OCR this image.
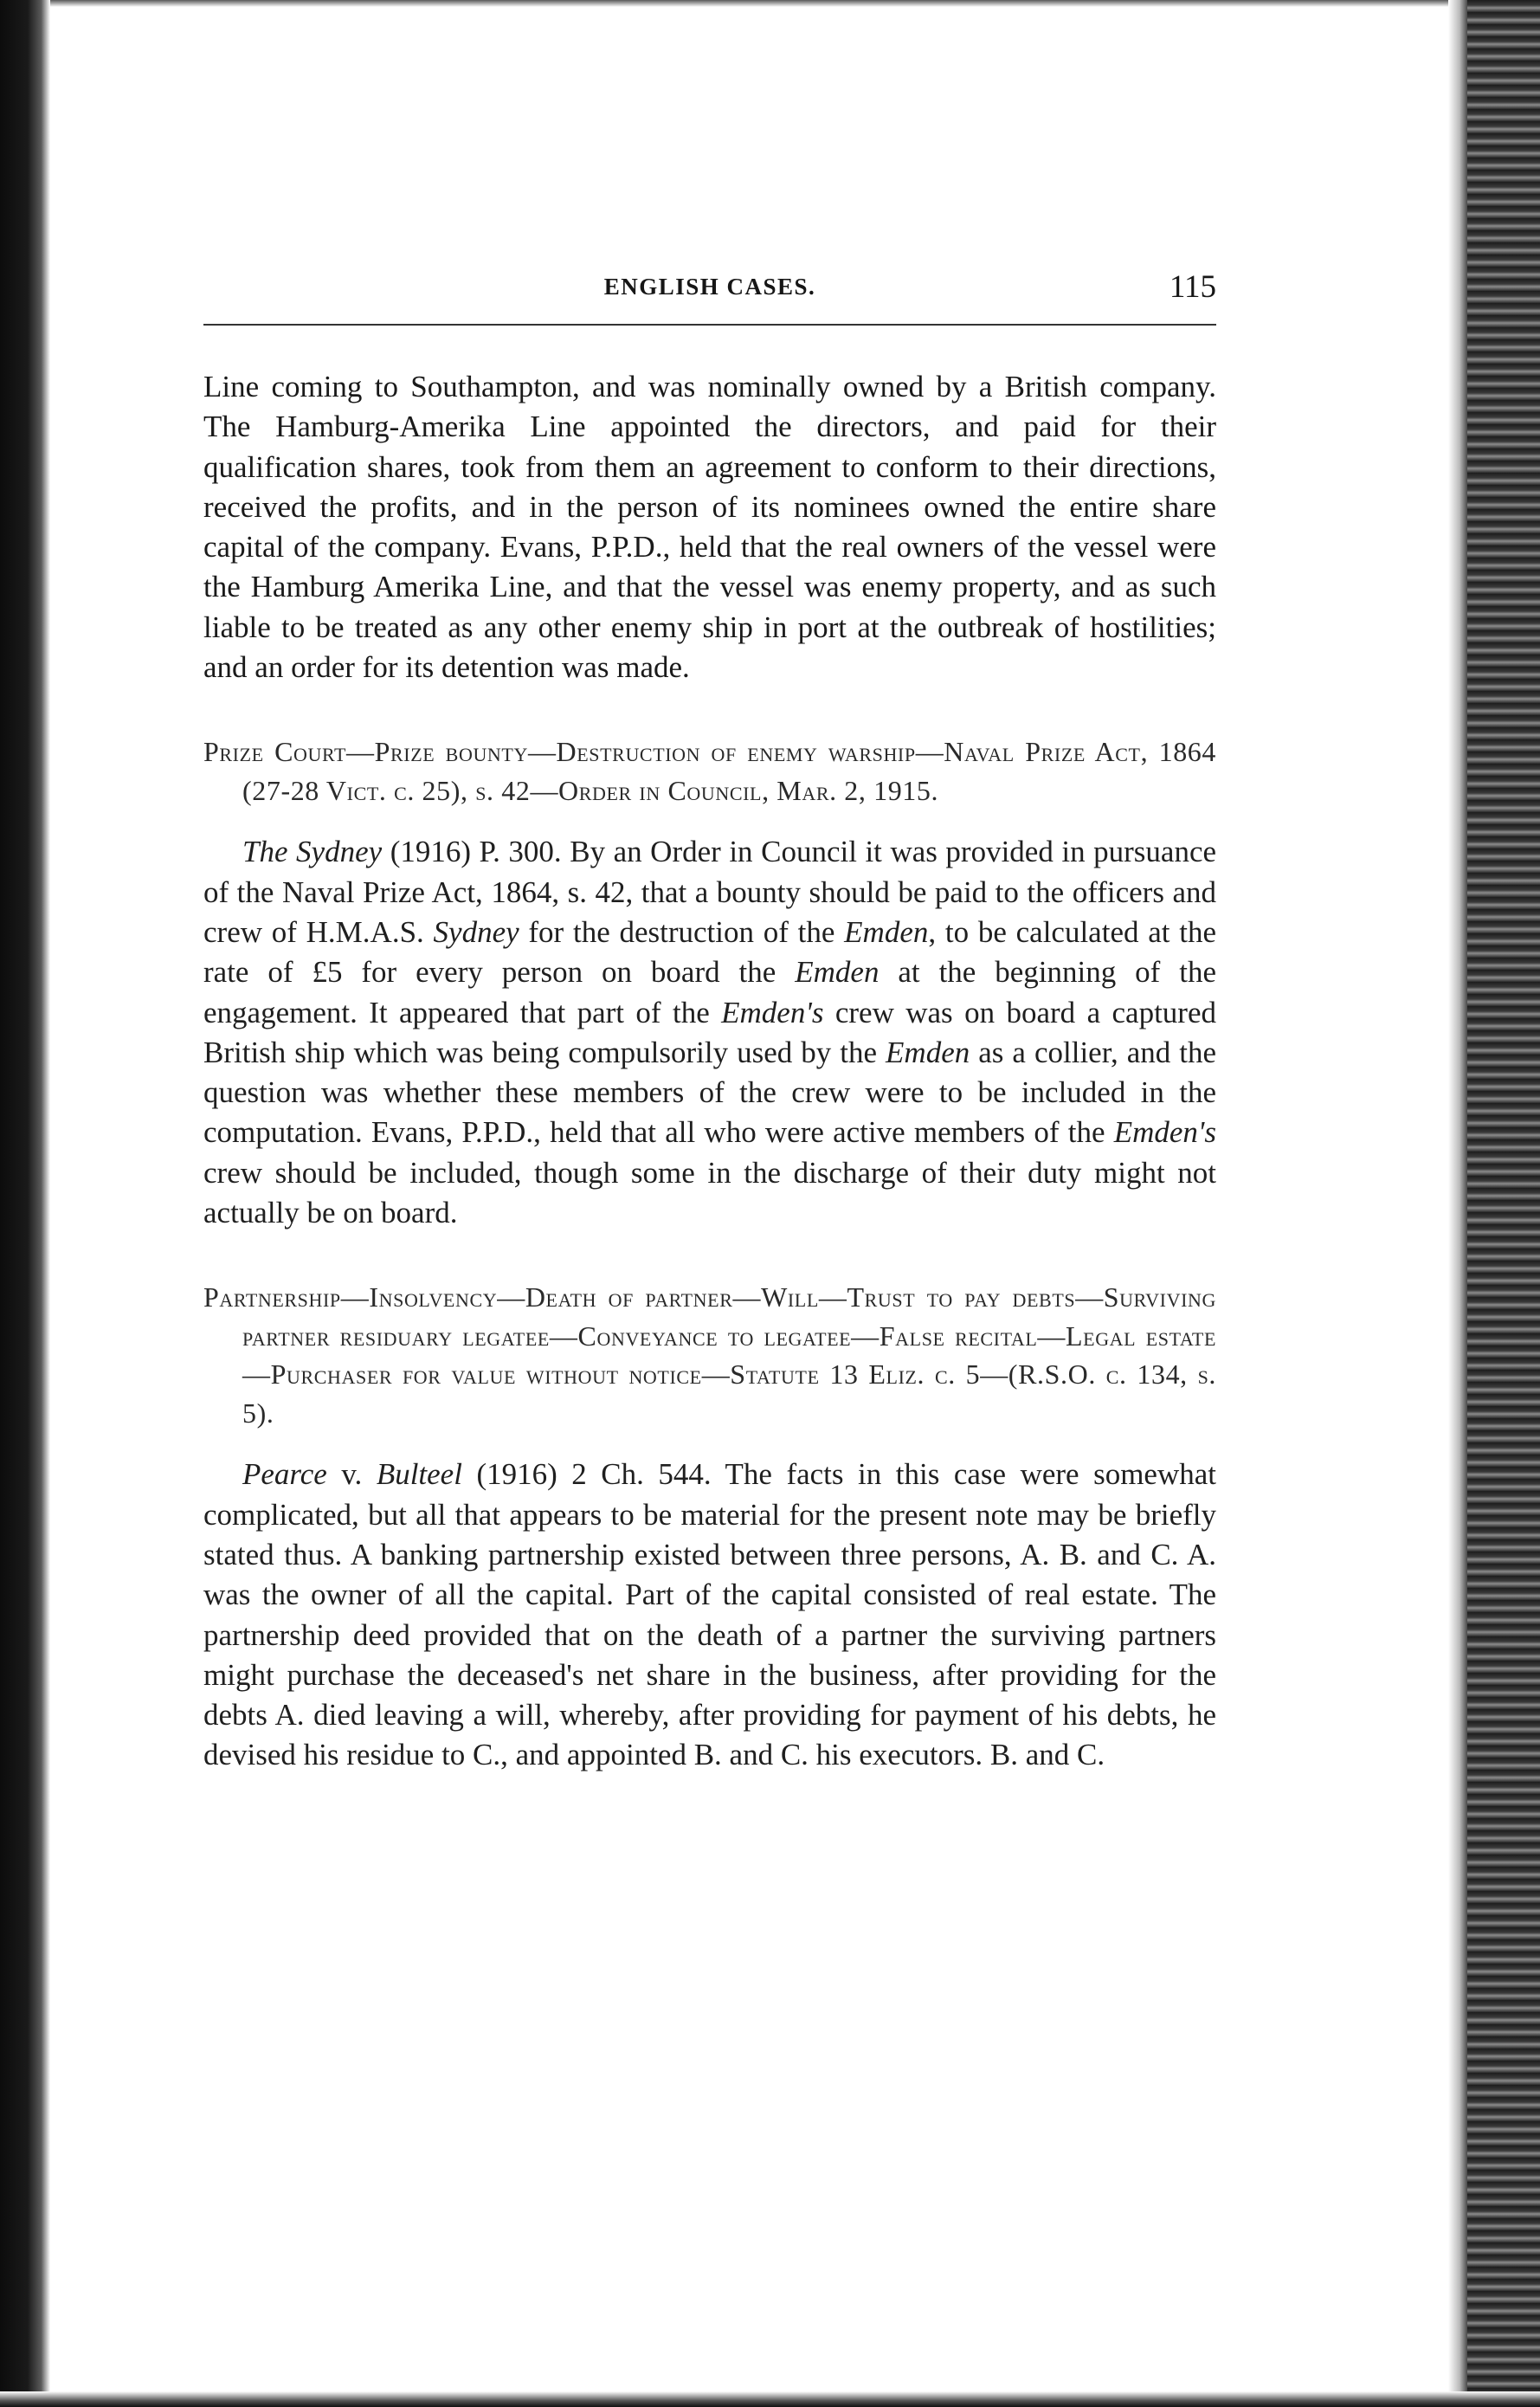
ENGLISH CASES.	115

Line coming to Southampton, and was nominally owned by a British company. The Hamburg-Amerika Line appointed the directors, and paid for their qualification shares, took from them an agreement to conform to their directions, received the profits, and in the person of its nominees owned the entire share capital of the company. Evans, P.P.D., held that the real owners of the vessel were the Hamburg Amerika Line, and that the vessel was enemy property, and as such liable to be treated as any other enemy ship in port at the outbreak of hostilities; and an order for its detention was made.

Prize Court—Prize bounty—Destruction of enemy warship—Naval Prize Act, 1864 (27-28 Vict. c. 25), s. 42—Order in Council, Mar. 2, 1915.

The Sydney (1916) P. 300. By an Order in Council it was provided in pursuance of the Naval Prize Act, 1864, s. 42, that a bounty should be paid to the officers and crew of H.M.A.S. Sydney for the destruction of the Emden, to be calculated at the rate of £5 for every person on board the Emden at the beginning of the engagement. It appeared that part of the Emden's crew was on board a captured British ship which was being compulsorily used by the Emden as a collier, and the question was whether these members of the crew were to be included in the computation. Evans, P.P.D., held that all who were active members of the Emden's crew should be included, though some in the discharge of their duty might not actually be on board.

Partnership—Insolvency—Death of partner—Will—Trust to pay debts—Surviving partner residuary legatee—Conveyance to legatee—False recital—Legal estate—Purchaser for value without notice—Statute 13 Eliz. c. 5—(R.S.O. c. 134, s. 5).

Pearce v. Bulteel (1916) 2 Ch. 544. The facts in this case were somewhat complicated, but all that appears to be material for the present note may be briefly stated thus. A banking partnership existed between three persons, A. B. and C. A. was the owner of all the capital. Part of the capital consisted of real estate. The partnership deed provided that on the death of a partner the surviving partners might purchase the deceased's net share in the business, after providing for the debts A. died leaving a will, whereby, after providing for payment of his debts, he devised his residue to C., and appointed B. and C. his executors. B. and C.
